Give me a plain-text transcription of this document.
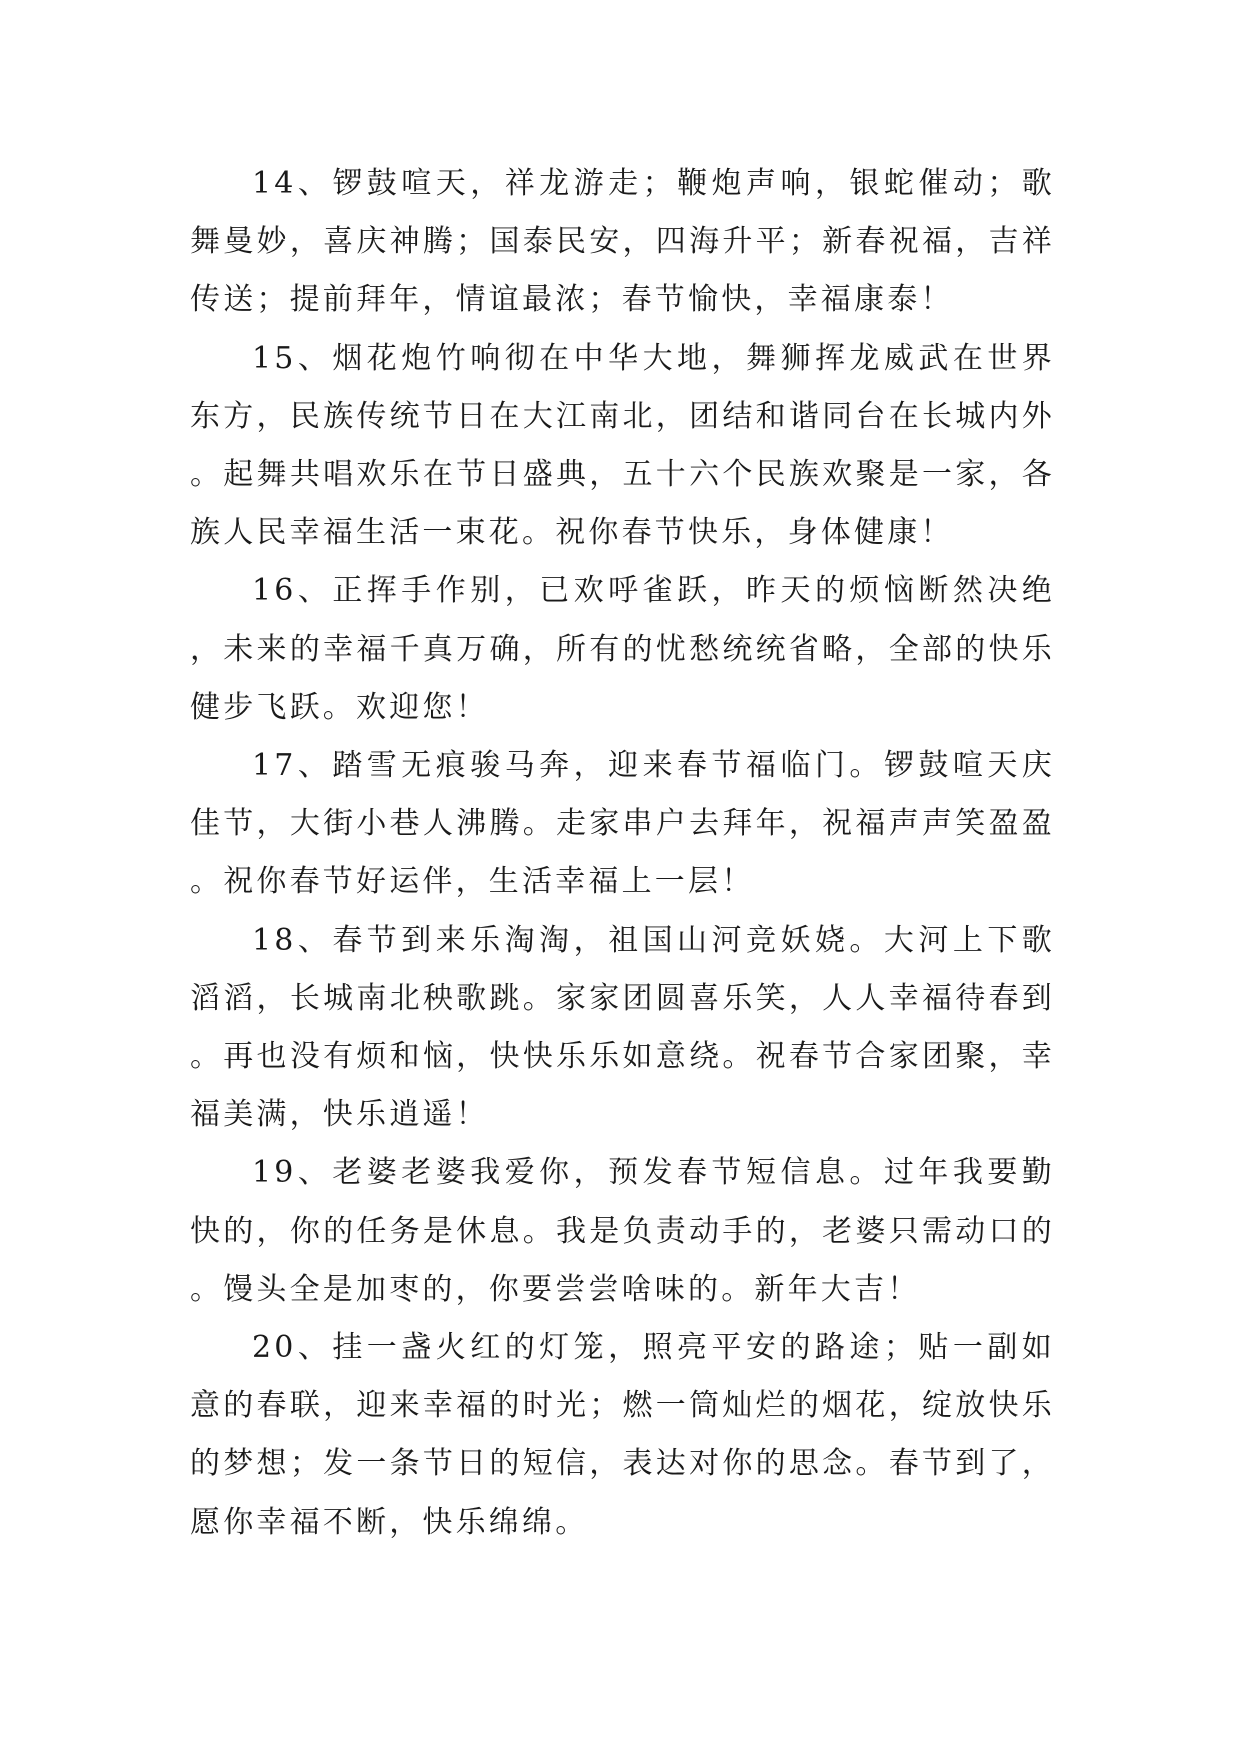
14、锣鼓喧天，祥龙游走；鞭炮声响，银蛇催动；歌舞曼妙，喜庆神腾；国泰民安，四海升平；新春祝福，吉祥传送；提前拜年，情谊最浓；春节愉快，幸福康泰！

15、烟花炮竹响彻在中华大地，舞狮挥龙威武在世界东方，民族传统节日在大江南北，团结和谐同台在长城内外。起舞共唱欢乐在节日盛典，五十六个民族欢聚是一家，各族人民幸福生活一束花。祝你春节快乐，身体健康！

16、正挥手作别，已欢呼雀跃，昨天的烦恼断然决绝，未来的幸福千真万确，所有的忧愁统统省略，全部的快乐健步飞跃。欢迎您！

17、踏雪无痕骏马奔，迎来春节福临门。锣鼓喧天庆佳节，大街小巷人沸腾。走家串户去拜年，祝福声声笑盈盈。祝你春节好运伴，生活幸福上一层！

18、春节到来乐淘淘，祖国山河竞妖娆。大河上下歌滔滔，长城南北秧歌跳。家家团圆喜乐笑，人人幸福待春到。再也没有烦和恼，快快乐乐如意绕。祝春节合家团聚，幸福美满，快乐逍遥！

19、老婆老婆我爱你，预发春节短信息。过年我要勤快的，你的任务是休息。我是负责动手的，老婆只需动口的。馒头全是加枣的，你要尝尝啥味的。新年大吉！

20、挂一盏火红的灯笼，照亮平安的路途；贴一副如意的春联，迎来幸福的时光；燃一筒灿烂的烟花，绽放快乐的梦想；发一条节日的短信，表达对你的思念。春节到了，愿你幸福不断，快乐绵绵。
